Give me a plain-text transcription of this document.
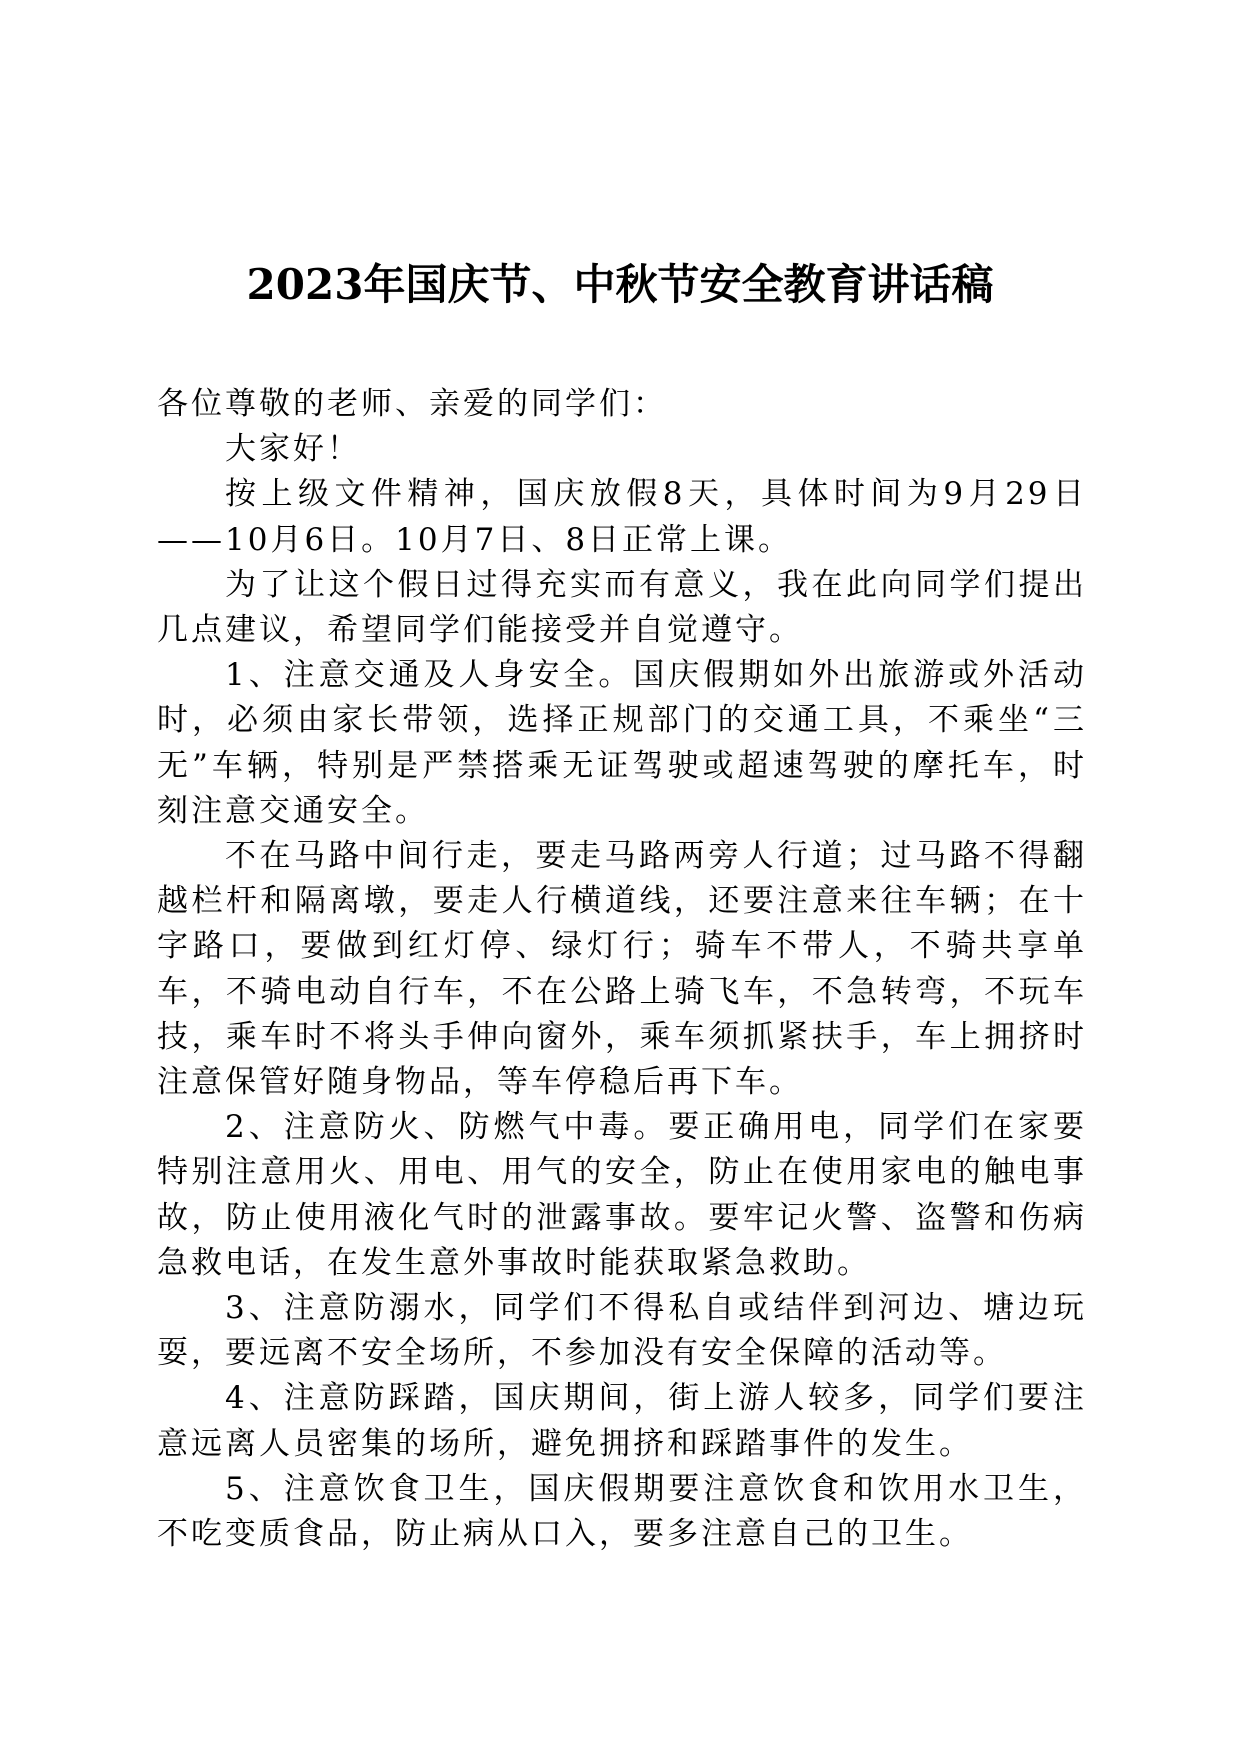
2023年国庆节、中秋节安全教育讲话稿

各位尊敬的老师、亲爱的同学们：

大家好！

按上级文件精神，国庆放假8天，具体时间为9月29日——10月6日。10月7日、8日正常上课。

为了让这个假日过得充实而有意义，我在此向同学们提出几点建议，希望同学们能接受并自觉遵守。

1、注意交通及人身安全。国庆假期如外出旅游或外活动时，必须由家长带领，选择正规部门的交通工具，不乘坐“三无”车辆，特别是严禁搭乘无证驾驶或超速驾驶的摩托车，时刻注意交通安全。

不在马路中间行走，要走马路两旁人行道；过马路不得翻越栏杆和隔离墩，要走人行横道线，还要注意来往车辆；在十字路口，要做到红灯停、绿灯行；骑车不带人，不骑共享单车，不骑电动自行车，不在公路上骑飞车，不急转弯，不玩车技，乘车时不将头手伸向窗外，乘车须抓紧扶手，车上拥挤时注意保管好随身物品，等车停稳后再下车。

2、注意防火、防燃气中毒。要正确用电，同学们在家要特别注意用火、用电、用气的安全，防止在使用家电的触电事故，防止使用液化气时的泄露事故。要牢记火警、盗警和伤病急救电话，在发生意外事故时能获取紧急救助。

3、注意防溺水，同学们不得私自或结伴到河边、塘边玩耍，要远离不安全场所，不参加没有安全保障的活动等。

4、注意防踩踏，国庆期间，街上游人较多，同学们要注意远离人员密集的场所，避免拥挤和踩踏事件的发生。

5、注意饮食卫生，国庆假期要注意饮食和饮用水卫生，不吃变质食品，防止病从口入，要多注意自己的卫生。
